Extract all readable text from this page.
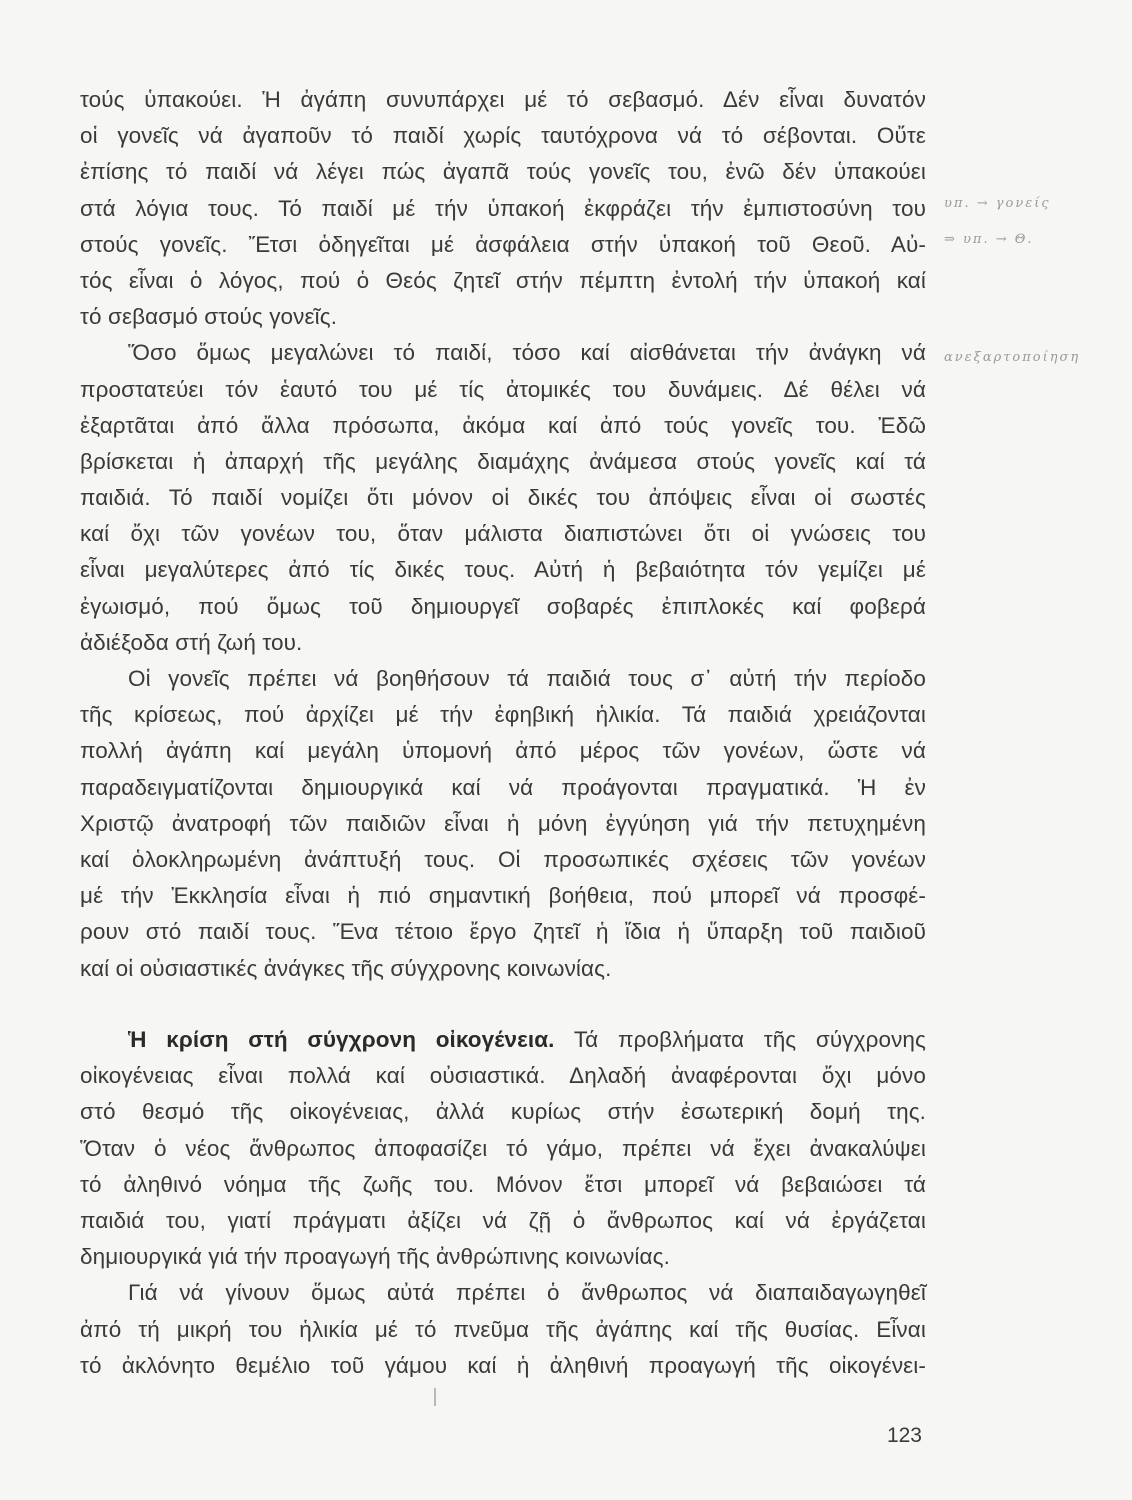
τούς ὑπακούει. Ἡ ἀγάπη συνυπάρχει μέ τό σεβασμό. Δέν εἶναι δυνατόν
οἱ γονεῖς νά ἀγαποῦν τό παιδί χωρίς ταυτόχρονα νά τό σέβονται. Οὔτε
ἐπίσης τό παιδί νά λέγει πώς ἀγαπᾶ τούς γονεῖς του, ἐνῶ δέν ὑπακούει
στά λόγια τους. Τό παιδί μέ τήν ὑπακοή ἐκφράζει τήν ἐμπιστοσύνη του
στούς γονεῖς. Ἔτσι ὁδηγεῖται μέ ἀσφάλεια στήν ὑπακοή τοῦ Θεοῦ. Αὐ-
τός εἶναι ὁ λόγος, πού ὁ Θεός ζητεῖ στήν πέμπτη ἐντολή τήν ὑπακοή καί
τό σεβασμό στούς γονεῖς.
Ὅσο ὅμως μεγαλώνει τό παιδί, τόσο καί αἰσθάνεται τήν ἀνάγκη νά
προστατεύει τόν ἑαυτό του μέ τίς ἀτομικές του δυνάμεις. Δέ θέλει νά
ἐξαρτᾶται ἀπό ἄλλα πρόσωπα, ἀκόμα καί ἀπό τούς γονεῖς του. Ἐδῶ
βρίσκεται ἡ ἀπαρχή τῆς μεγάλης διαμάχης ἀνάμεσα στούς γονεῖς καί τά
παιδιά. Τό παιδί νομίζει ὅτι μόνον οἱ δικές του ἀπόψεις εἶναι οἱ σωστές
καί ὄχι τῶν γονέων του, ὅταν μάλιστα διαπιστώνει ὅτι οἱ γνώσεις του
εἶναι μεγαλύτερες ἀπό τίς δικές τους. Αὐτή ἡ βεβαιότητα τόν γεμίζει μέ
ἐγωισμό, πού ὅμως τοῦ δημιουργεῖ σοβαρές ἐπιπλοκές καί φοβερά
ἀδιέξοδα στή ζωή του.
Οἱ γονεῖς πρέπει νά βοηθήσουν τά παιδιά τους σ᾽ αὐτή τήν περίοδο
τῆς κρίσεως, πού ἀρχίζει μέ τήν ἐφηβική ἡλικία. Τά παιδιά χρειάζονται
πολλή ἀγάπη καί μεγάλη ὑπομονή ἀπό μέρος τῶν γονέων, ὥστε νά
παραδειγματίζονται δημιουργικά καί νά προάγονται πραγματικά. Ἡ ἐν
Χριστῷ ἀνατροφή τῶν παιδιῶν εἶναι ἡ μόνη ἐγγύηση γιά τήν πετυχημένη
καί ὁλοκληρωμένη ἀνάπτυξή τους. Οἱ προσωπικές σχέσεις τῶν γονέων
μέ τήν Ἐκκλησία εἶναι ἡ πιό σημαντική βοήθεια, πού μπορεῖ νά προσφέ-
ρουν στό παιδί τους. Ἕνα τέτοιο ἔργο ζητεῖ ἡ ἴδια ἡ ὕπαρξη τοῦ παιδιοῦ
καί οἱ οὐσιαστικές ἀνάγκες τῆς σύγχρονης κοινωνίας.
Ἡ κρίση στή σύγχρονη οἰκογένεια. Τά προβλήματα τῆς σύγχρονης
οἰκογένειας εἶναι πολλά καί οὐσιαστικά. Δηλαδή ἀναφέρονται ὄχι μόνο
στό θεσμό τῆς οἰκογένειας, ἀλλά κυρίως στήν ἐσωτερική δομή της.
Ὅταν ὁ νέος ἄνθρωπος ἀποφασίζει τό γάμο, πρέπει νά ἔχει ἀνακαλύψει
τό ἀληθινό νόημα τῆς ζωῆς του. Μόνον ἔτσι μπορεῖ νά βεβαιώσει τά
παιδιά του, γιατί πράγματι ἀξίζει νά ζῇ ὁ ἄνθρωπος καί νά ἐργάζεται
δημιουργικά γιά τήν προαγωγή τῆς ἀνθρώπινης κοινωνίας.
Γιά νά γίνουν ὅμως αὐτά πρέπει ὁ ἄνθρωπος νά διαπαιδαγωγηθεῖ
ἀπό τή μικρή του ἡλικία μέ τό πνεῦμα τῆς ἀγάπης καί τῆς θυσίας. Εἶναι
τό ἀκλόνητο θεμέλιο τοῦ γάμου καί ἡ ἀληθινή προαγωγή τῆς οἰκογένει-
υπ. → γονείς
⇒ υπ. → Θ.
ανεξαρτοποίηση
123
